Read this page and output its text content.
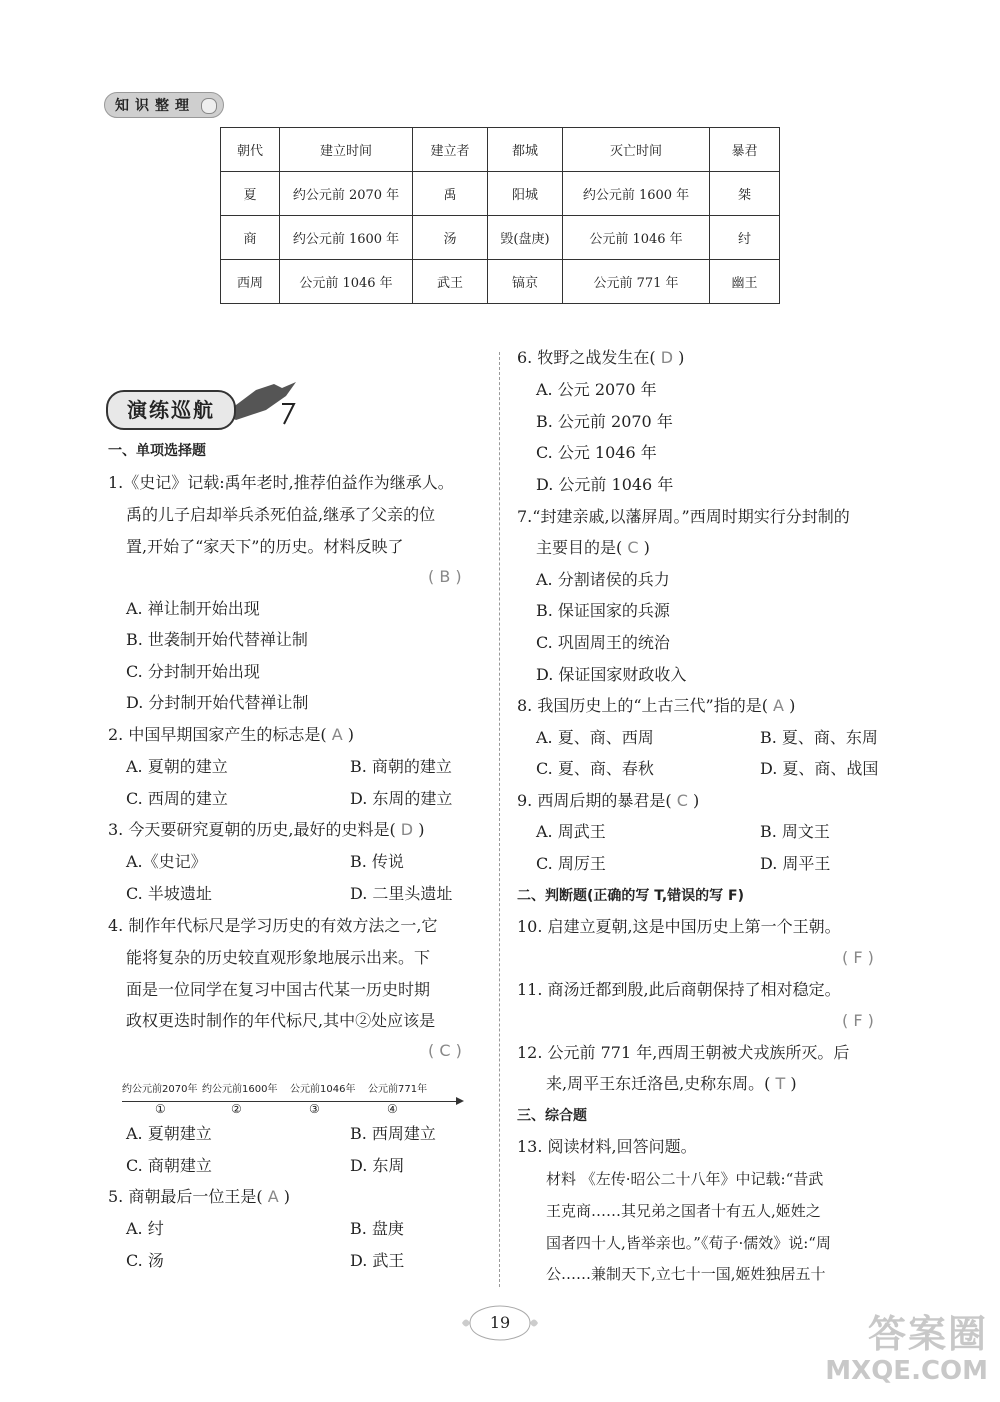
知识整理
朝代	建立时间	建立者	都城	灭亡时间	暴君
夏	约公元前 2070 年	禹	阳城	约公元前 1600 年	桀
商	约公元前 1600 年	汤	毁(盘庚)	公元前 1046 年	纣
西周	公元前 1046 年	武王	镐京	公元前 771 年	幽王
演练巡航
一、单项选择题
1.《史记》记载:禹年老时,推荐伯益作为继承人。
禹的儿子启却举兵杀死伯益,继承了父亲的位
置,开始了“家天下”的历史。材料反映了
( B )
A. 禅让制开始出现
B. 世袭制开始代替禅让制
C. 分封制开始出现
D. 分封制开始代替禅让制
2. 中国早期国家产生的标志是( A )
A. 夏朝的建立	B. 商朝的建立
C. 西周的建立	D. 东周的建立
3. 今天要研究夏朝的历史,最好的史料是( D )
A.《史记》	B. 传说
C. 半坡遗址	D. 二里头遗址
4. 制作年代标尺是学习历史的有效方法之一,它
能将复杂的历史较直观形象地展示出来。下
面是一位同学在复习中国古代某一历史时期
政权更迭时制作的年代标尺,其中②处应该是
( C )
约公元前2070年 约公元前1600年 公元前1046年 公元前771年
①	②	③	④
A. 夏朝建立	B. 西周建立
C. 商朝建立	D. 东周
5. 商朝最后一位王是( A )
A. 纣	B. 盘庚
C. 汤	D. 武王
6. 牧野之战发生在( D )
A. 公元 2070 年
B. 公元前 2070 年
C. 公元 1046 年
D. 公元前 1046 年
7.“封建亲戚,以藩屏周。”西周时期实行分封制的
主要目的是( C )
A. 分割诸侯的兵力
B. 保证国家的兵源
C. 巩固周王的统治
D. 保证国家财政收入
8. 我国历史上的“上古三代”指的是( A )
A. 夏、商、西周	B. 夏、商、东周
C. 夏、商、春秋	D. 夏、商、战国
9. 西周后期的暴君是( C )
A. 周武王	B. 周文王
C. 周厉王	D. 周平王
二、判断题(正确的写 T,错误的写 F)
10. 启建立夏朝,这是中国历史上第一个王朝。
( F )
11. 商汤迁都到殷,此后商朝保持了相对稳定。
( F )
12. 公元前 771 年,西周王朝被犬戎族所灭。后
来,周平王东迁洛邑,史称东周。( T )
三、综合题
13. 阅读材料,回答问题。
材料 《左传·昭公二十八年》中记载:“昔武
王克商……其兄弟之国者十有五人,姬姓之
国者四十人,皆举亲也。”《荀子·儒效》说:“周
公……兼制天下,立七十一国,姬姓独居五十
19	答案圈
MXQE.COM
